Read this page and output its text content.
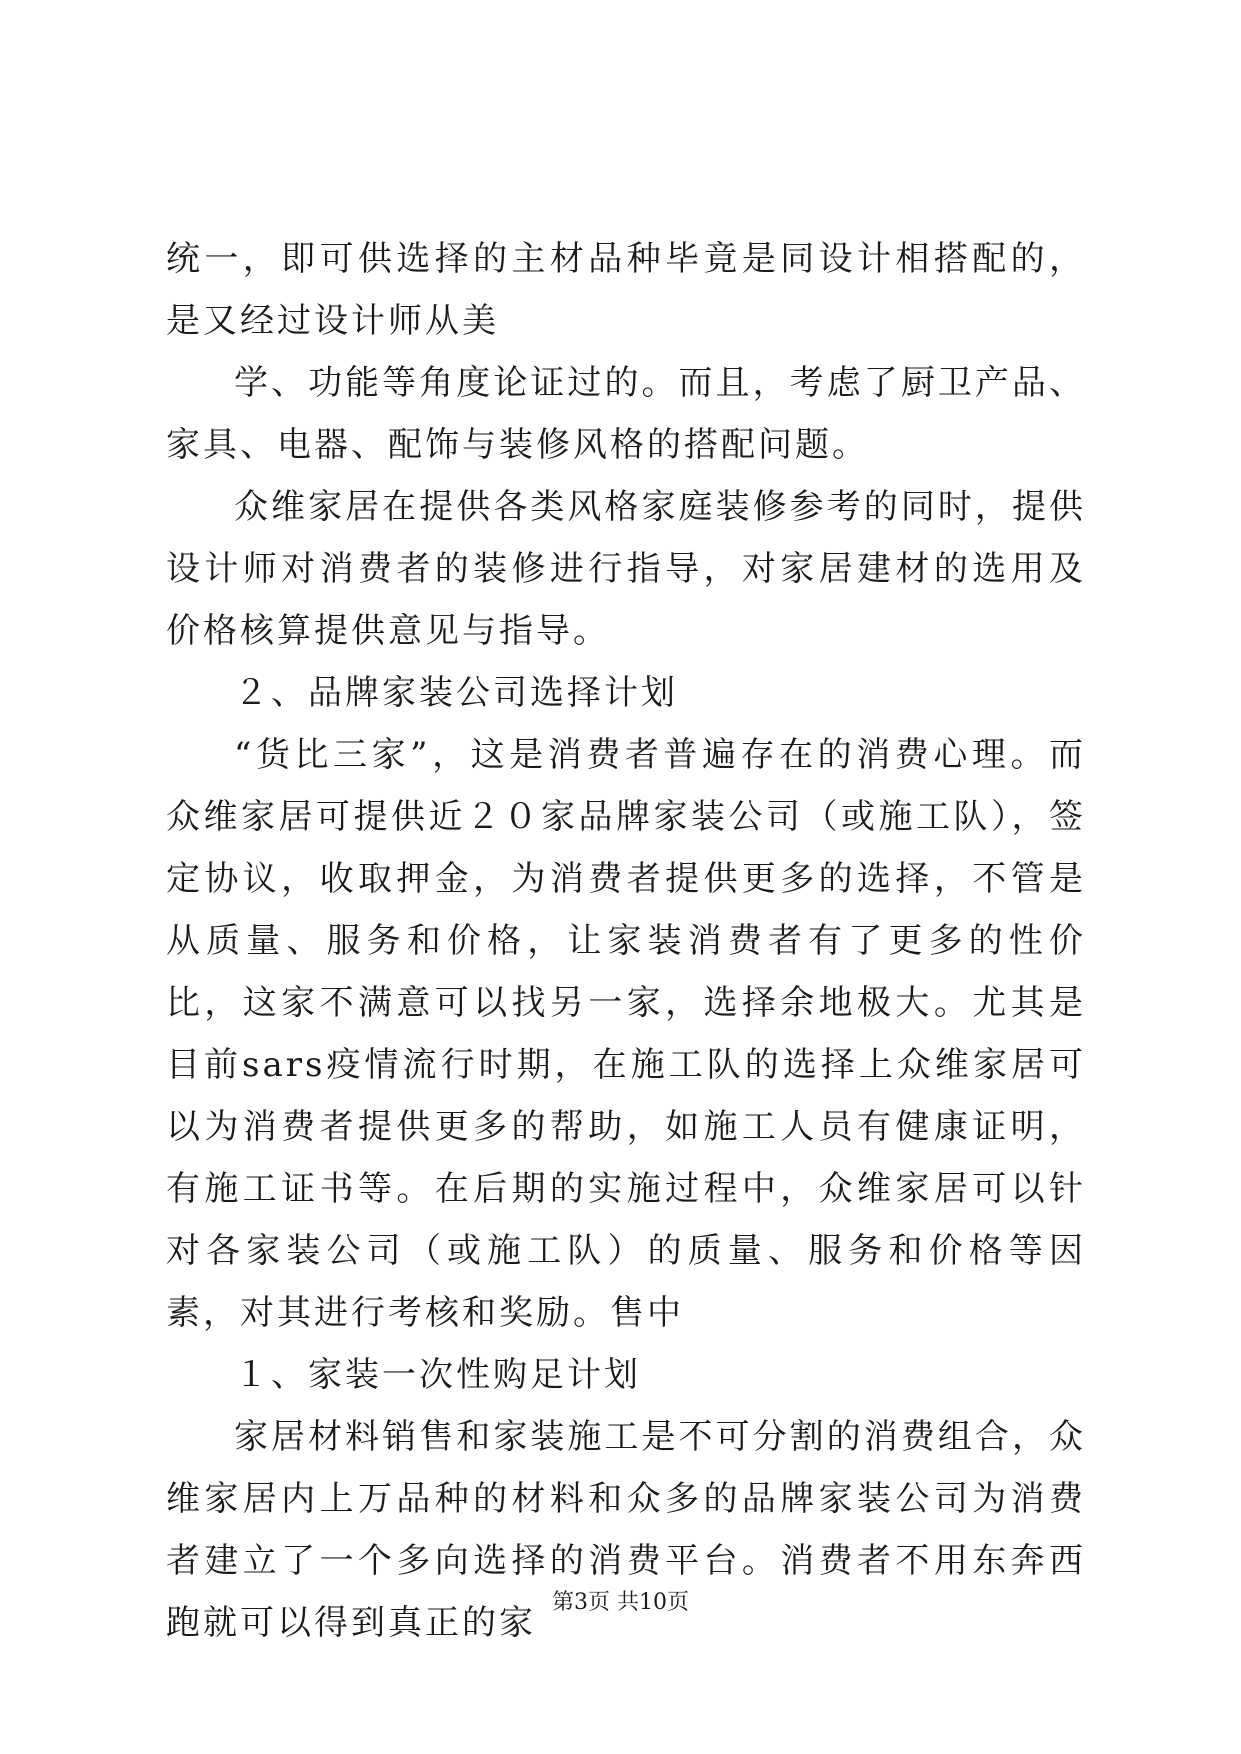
统一，即可供选择的主材品种毕竟是同设计相搭配的，是又经过设计师从美

学、功能等角度论证过的。而且，考虑了厨卫产品、家具、电器、配饰与装修风格的搭配问题。

众维家居在提供各类风格家庭装修参考的同时，提供设计师对消费者的装修进行指导，对家居建材的选用及价格核算提供意见与指导。

２、品牌家装公司选择计划

“货比三家”，这是消费者普遍存在的消费心理。而众维家居可提供近２０家品牌家装公司（或施工队），签定协议，收取押金，为消费者提供更多的选择，不管是从质量、服务和价格，让家装消费者有了更多的性价比，这家不满意可以找另一家，选择余地极大。尤其是目前sars疫情流行时期，在施工队的选择上众维家居可以为消费者提供更多的帮助，如施工人员有健康证明，有施工证书等。在后期的实施过程中，众维家居可以针对各家装公司（或施工队）的质量、服务和价格等因素，对其进行考核和奖励。售中

１、家装一次性购足计划

家居材料销售和家装施工是不可分割的消费组合，众维家居内上万品种的材料和众多的品牌家装公司为消费者建立了一个多向选择的消费平台。消费者不用东奔西跑就可以得到真正的家

第3页 共10页
